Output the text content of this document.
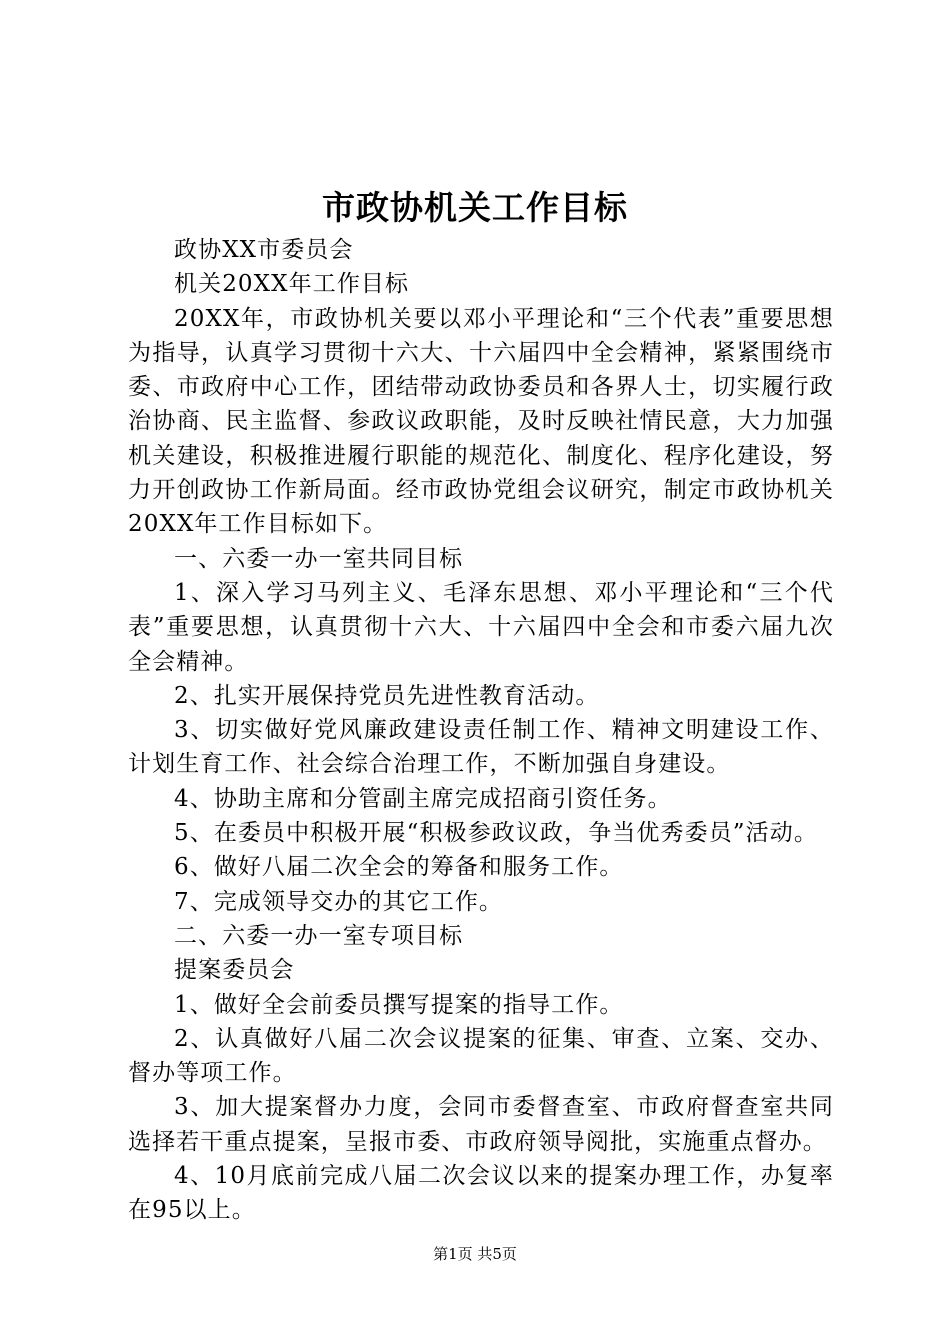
市政协机关工作目标

政协XX市委员会

机关20XX年工作目标

20XX年，市政协机关要以邓小平理论和“三个代表”重要思想为指导，认真学习贯彻十六大、十六届四中全会精神，紧紧围绕市委、市政府中心工作，团结带动政协委员和各界人士，切实履行政治协商、民主监督、参政议政职能，及时反映社情民意，大力加强机关建设，积极推进履行职能的规范化、制度化、程序化建设，努力开创政协工作新局面。经市政协党组会议研究，制定市政协机关20XX年工作目标如下。

一、六委一办一室共同目标

1、深入学习马列主义、毛泽东思想、邓小平理论和“三个代表”重要思想，认真贯彻十六大、十六届四中全会和市委六届九次全会精神。

2、扎实开展保持党员先进性教育活动。

3、切实做好党风廉政建设责任制工作、精神文明建设工作、计划生育工作、社会综合治理工作，不断加强自身建设。

4、协助主席和分管副主席完成招商引资任务。

5、在委员中积极开展“积极参政议政，争当优秀委员”活动。

6、做好八届二次全会的筹备和服务工作。

7、完成领导交办的其它工作。

二、六委一办一室专项目标

提案委员会

1、做好全会前委员撰写提案的指导工作。

2、认真做好八届二次会议提案的征集、审查、立案、交办、督办等项工作。

3、加大提案督办力度，会同市委督查室、市政府督查室共同选择若干重点提案，呈报市委、市政府领导阅批，实施重点督办。

4、10月底前完成八届二次会议以来的提案办理工作，办复率在95以上。

第1页 共5页
